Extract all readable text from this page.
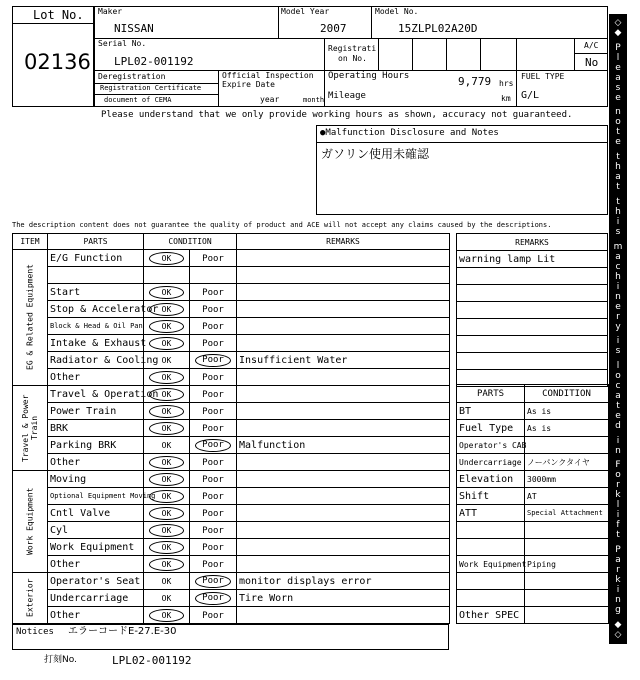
Lot No.
02136
Maker
NISSAN
Model Year
2007
Model No.
15ZLPL02A20D
Serial No.
LPL02-001192
Registrati
on No.
A/C
No
Deregistration
Registration Certificate
document of CEMA
Official Inspection
Expire Date
year	month
Operating Hours	9,779 hrs
Mileage	km
FUEL TYPE
G/L
Please understand that we only provide working hours as shown, accuracy not guaranteed.
●Malfunction Disclosure and Notes
ガソリン使用未確認
The description content does not guarantee the quality of product and ACE will not accept any claims caused by the descriptions.
ITEM	PARTS	CONDITION		REMARKS

EG & Related Equipment	E/G Function	OK	Poor	

	Start	OK	Poor	
	Stop & Accelerator	OK	Poor	
	Block & Head & Oil Pan	OK	Poor	
	Intake & Exhaust	OK	Poor	
	Radiator & Cooling	OK	Poor	Insufficient Water
	Other	OK	Poor	

Travel & Power Train	Travel & Operation	OK	Poor	
	Power Train	OK	Poor	
	BRK	OK	Poor	
	Parking BRK	OK	Poor	Malfunction
	Other	OK	Poor	

Work Equipment	Moving	OK	Poor	
	Optional Equipment Moving	OK	Poor	
	Cntl Valve	OK	Poor	
	Cyl	OK	Poor	
	Work Equipment	OK	Poor	
	Other	OK	Poor	

Exterior	Operator's Seat	OK	Poor	monitor displays error
	Undercarriage	OK	Poor	Tire Worn
	Other	OK	Poor	
Notices エラーコードE-27.E-30
打刻No.	LPL02-001192
REMARKS
warning lamp Lit

PARTS	CONDITION
BT	As is
Fuel Type	As is
Operator's CAB	
Undercarriage	ノーパンクタイヤ
Elevation	3000mm
Shift	AT
ATT	Special Attachment

Work Equipment	Piping

Other SPEC	
◇
◆
P
l
e
a
s
e
n
o
t
e
t
h
a
t
t
h
i
s
m
a
c
h
i
n
e
r
y
i
s
l
o
c
a
t
e
d
i
n
F
o
r
k
l
i
f
t
P
a
r
k
i
n
g
◆
◇
